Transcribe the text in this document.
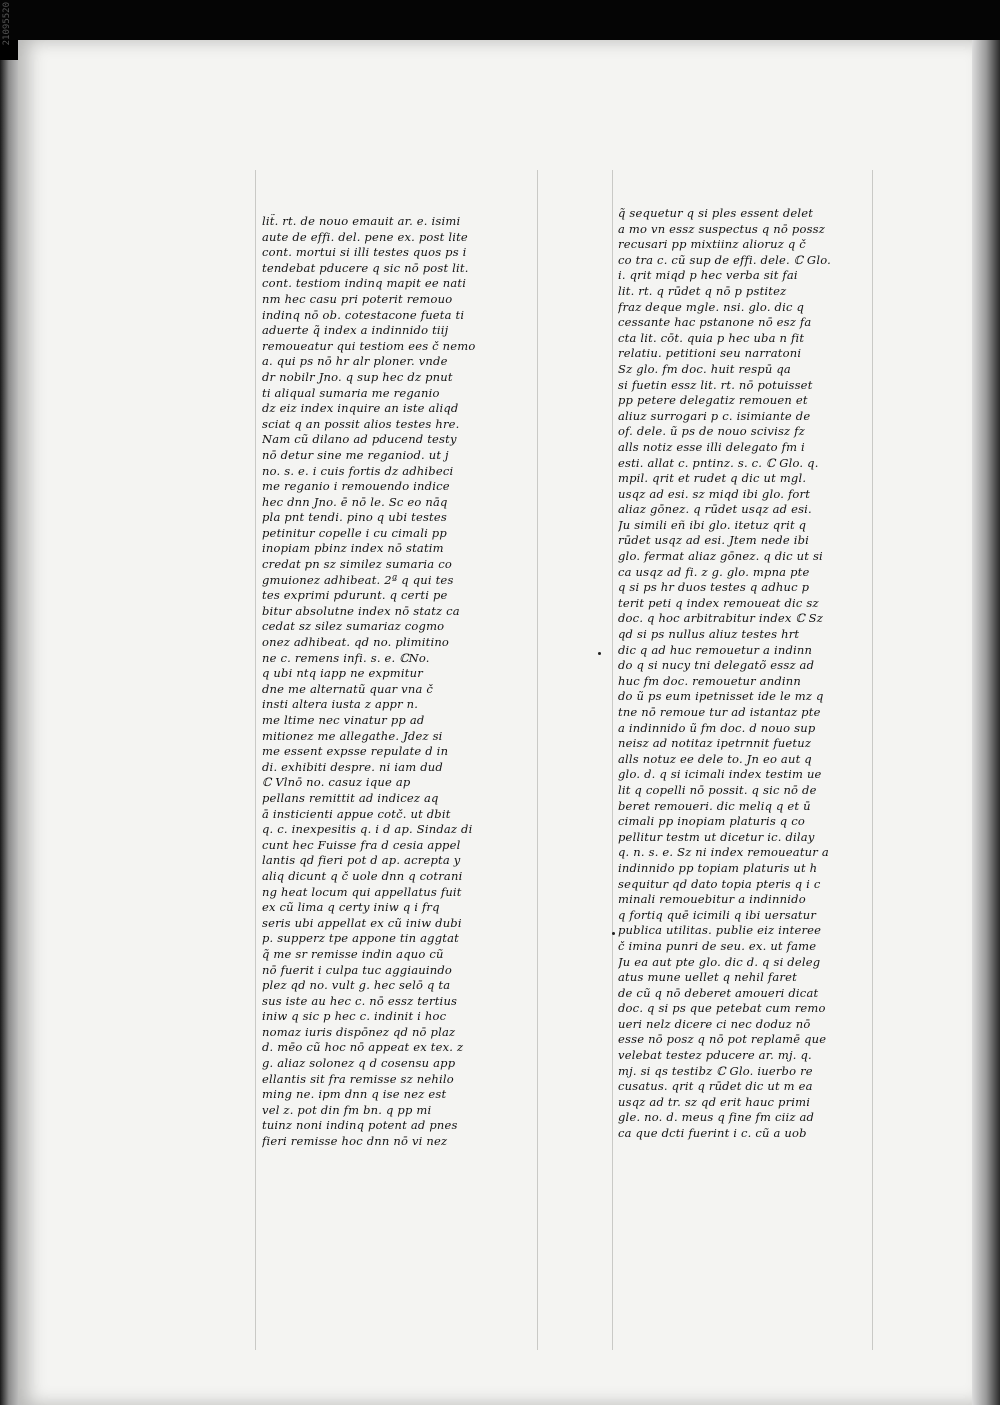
21095520
lit̃. rt. de nouo emauit ar. e. isimi
aute de effi. del. pene ex. post lite
cont. mortui si illi testes quos ps i
tendebat pducere q sic nō post lit.
cont. testiom indinq mapit ee nati
nm hec casu pri poterit remouo
indinq nō ob. cotestacone fueta ti
aduerte q̃ index a indinnido tiij
remoueatur qui testiom ees č nemo
a. qui ps nō hr alr ploner. vnde
dr nobilr Jno. q sup hec dz pnut
ti aliqual sumaria me reganio
dz eiz index inquire an iste aliqd
sciat q an possit alios testes hre.
Nam cũ dilano ad pducend testy
nō detur sine me reganiod. ut j
no. s. e. i cuis fortis dz adhibeci
me reganio i remouendo indice
hec dnn Jno. ē nō le. Sc eo nāq
pla pnt tendi. pino q ubi testes
petinitur copelle i cu cimali pp
inopiam pbinz index nō statim
credat pn sz similez sumaria co
gmuionez adhibeat. 2ª q qui tes
tes exprimi pdurunt. q certi pe
bitur absolutne index nō statz ca
cedat sz silez sumariaz cogmo
onez adhibeat. qd no. plimitino
ne c. remens infi. s. e. ℂNo.
q ubi ntq iapp ne expmitur
dne me alternatũ quar vna č
insti altera iusta z appr n.
me ltime nec vinatur pp ad
mitionez me allegathe. Jdez si
me essent expsse repulate d in
di. exhibiti despre. ni iam dud
ℂ Vlnō no. casuz ique ap
pellans remittit ad indicez aq
ā insticienti appue cotč. ut dbit
q. c. inexpesitis q. i d ap. Sindaz di
cunt hec Fuisse fra d cesia appel
lantis qd fieri pot d ap. acrepta y
aliq dicunt q č uole dnn q cotrani
ng heat locum qui appellatus fuit
ex cũ lima q certy iniw q i frq
seris ubi appellat ex cũ iniw dubi
p. supperz tpe appone tin aggtat
q̃ me sr remisse indin aquo cũ
nō fuerit i culpa tuc aggiauindo
plez qd no. vult g. hec selō q ta
sus iste au hec c. nō essz tertius
iniw q sic p hec c. indinit i hoc
nomaz iuris dispōnez qd nō plaz
d. mēo cũ hoc nō appeat ex tex. z
g. aliaz solonez q d cosensu app
ellantis sit fra remisse sz nehilo
ming ne. ipm dnn q ise nez est
vel z. pot din fm bn. q pp mi
tuinz noni indinq potent ad pnes
fieri remisse hoc dnn nō vi nez
q̃ sequetur q si ples essent delet
a mo vn essz suspectus q nō possz
recusari pp mixtiinz alioruz q č
co tra c. cũ sup de effi. dele. ℂ Glo.
i. qrit miqd p hec verba sit fai
lit. rt. q rūdet q nō p pstitez
fraz deque mgle. nsi. glo. dic q
cessante hac pstanone nō esz fa
cta lit. cōt. quia p hec uba n fit
relatiu. petitioni seu narratoni
Sz glo. fm doc. huit respū qa
si fuetin essz lit. rt. nō potuisset
pp petere delegatiz remouen et
aliuz surrogari p c. isimiante de
of. dele. ũ ps de nouo scivisz fz
alls notiz esse illi delegato fm i
esti. allat c. pntinz. s. c. ℂ Glo. q.
mpil. qrit et rudet q dic ut mgl.
usqz ad esi. sz miqd ibi glo. fort
aliaz gōnez. q rūdet usqz ad esi.
Ju simili eñ ibi glo. itetuz qrit q
rūdet usqz ad esi. Jtem nede ibi
glo. fermat aliaz gōnez. q dic ut si
ca usqz ad fi. z g. glo. mpna pte
q si ps hr duos testes q adhuc p
terit peti q index remoueat dic sz
doc. q hoc arbitrabitur index ℂ Sz
qd si ps nullus aliuz testes hrt
dic q ad huc remouetur a indinn
do q si nucy tni delegatõ essz ad
huc fm doc. remouetur andinn
do ũ ps eum ipetnisset ide le mz q
tne nō remoue tur ad istantaz pte
a indinnido ũ fm doc. d nouo sup
neisz ad notitaz ipetrnnit fuetuz
alls notuz ee dele to. Jn eo aut q
glo. d. q si icimali index testim ue
lit q copelli nō possit. q sic nō de
beret remoueri. dic meliq q et ū
cimali pp inopiam platuris q co
pellitur testm ut dicetur ic. dilay
q. n. s. e. Sz ni index remoueatur a
indinnido pp topiam platuris ut h
sequitur qd dato topia pteris q i c
minali remouebitur a indinnido
q fortiq quē icimili q ibi uersatur
publica utilitas. publie eiz interee
č imina punri de seu. ex. ut fame
Ju ea aut pte glo. dic d. q si deleg
atus mune uellet q nehil faret
de cũ q nō deberet amoueri dicat
doc. q si ps que petebat cum remo
ueri nelz dicere ci nec doduz nō
esse nō posz q nō pot replamē que
velebat testez pducere ar. mj. q.
mj. si qs testibz ℂ Glo. iuerbo re
cusatus. qrit q rūdet dic ut m ea
usqz ad tr. sz qd erit hauc primi
gle. no. d. meus q fine fm ciiz ad
ca que dcti fuerint i c. cũ a uob
